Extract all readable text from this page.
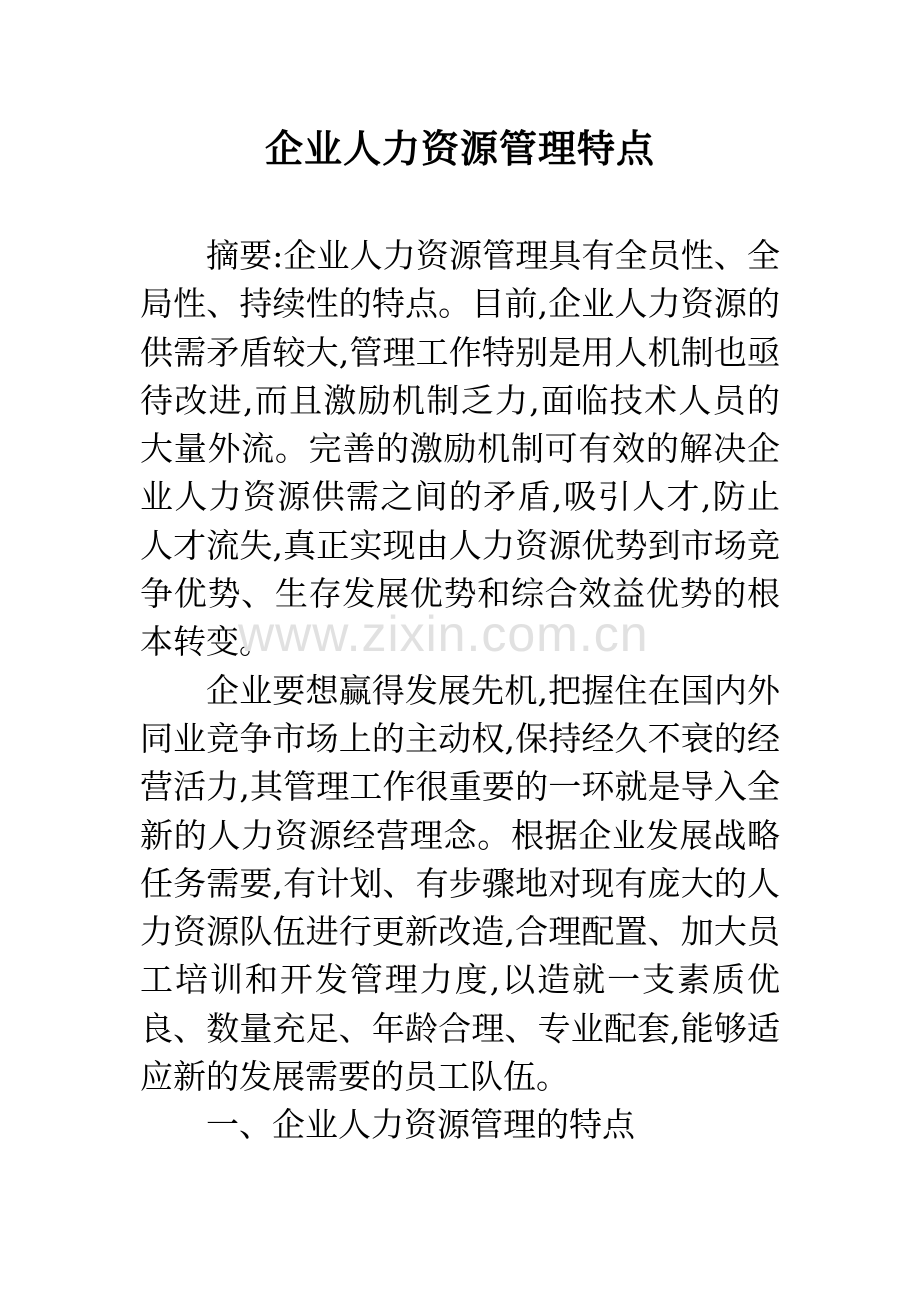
企业人力资源管理特点

摘要:企业人力资源管理具有全员性、全局性、持续性的特点。目前,企业人力资源的供需矛盾较大,管理工作特别是用人机制也亟待改进,而且激励机制乏力,面临技术人员的大量外流。完善的激励机制可有效的解决企业人力资源供需之间的矛盾,吸引人才,防止人才流失,真正实现由人力资源优势到市场竞争优势、生存发展优势和综合效益优势的根本转变。

企业要想赢得发展先机,把握住在国内外同业竞争市场上的主动权,保持经久不衰的经营活力,其管理工作很重要的一环就是导入全新的人力资源经营理念。根据企业发展战略任务需要,有计划、有步骤地对现有庞大的人力资源队伍进行更新改造,合理配置、加大员工培训和开发管理力度,以造就一支素质优良、数量充足、年龄合理、专业配套,能够适应新的发展需要的员工队伍。

一、企业人力资源管理的特点

www.zixin.com.cn
